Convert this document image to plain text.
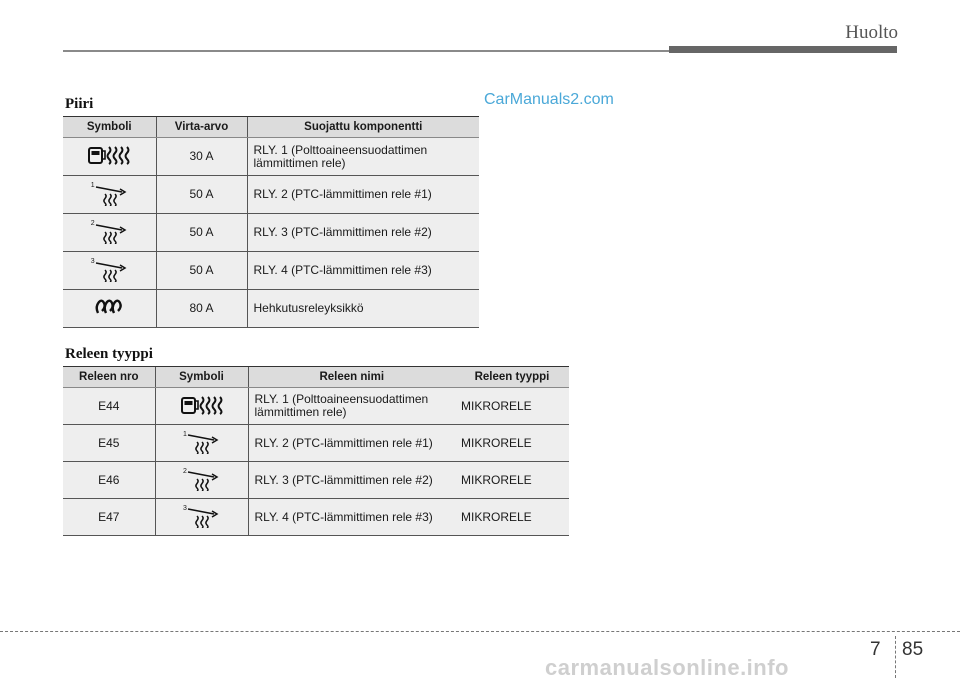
Huolto
CarManuals2.com
Piiri
Symboli	Virta-arvo	Suojattu komponentti

	30 A	RLY. 1 (Polttoaineensuodattimen lämmittimen rele)

1	50 A	RLY. 2 (PTC-lämmittimen rele #1)

2	50 A	RLY. 3 (PTC-lämmittimen rele #2)

3	50 A	RLY. 4 (PTC-lämmittimen rele #3)

	80 A	Hehkutusreleyksikkö
Releen tyyppi
Releen nro	Symboli	Releen nimi	Releen tyyppi
E44		RLY. 1 (Polttoaineensuodattimen lämmittimen rele)	MIKRORELE
E45	1	RLY. 2 (PTC-lämmittimen rele #1)	MIKRORELE
E46	2	RLY. 3 (PTC-lämmittimen rele #2)	MIKRORELE
E47	3	RLY. 4 (PTC-lämmittimen rele #3)	MIKRORELE
7 85
carmanualsonline.info
